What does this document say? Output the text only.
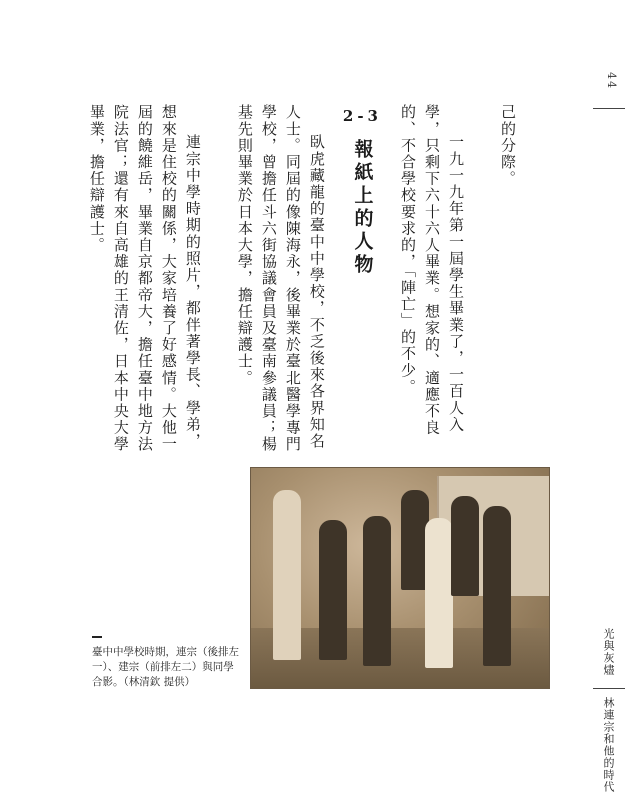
44
光與灰燼
林連宗和他的時代

己的分際。

一九一九年第一屆學生畢業了，一百人入學，只剩下六十六人畢業。想家的、適應不良的、不合學校要求的，「陣亡」的不少。

2-3 報紙上的人物

臥虎藏龍的臺中中學校，不乏後來各界知名人士。同屆的像陳海永，後畢業於臺北醫學專門學校，曾擔任斗六街協議會員及臺南參議員；楊基先則畢業於日本大學，擔任辯護士。

連宗中學時期的照片，都伴著學長、學弟，想來是住校的關係，大家培養了好感情。大他一屆的饒維岳，畢業自京都帝大，擔任臺中地方法院法官；還有來自高雄的王清佐，日本中央大學畢業，擔任辯護士。

臺中中學校時期，連宗（後排左一）、建宗（前排左二）與同學合影。（林清欽 提供）
